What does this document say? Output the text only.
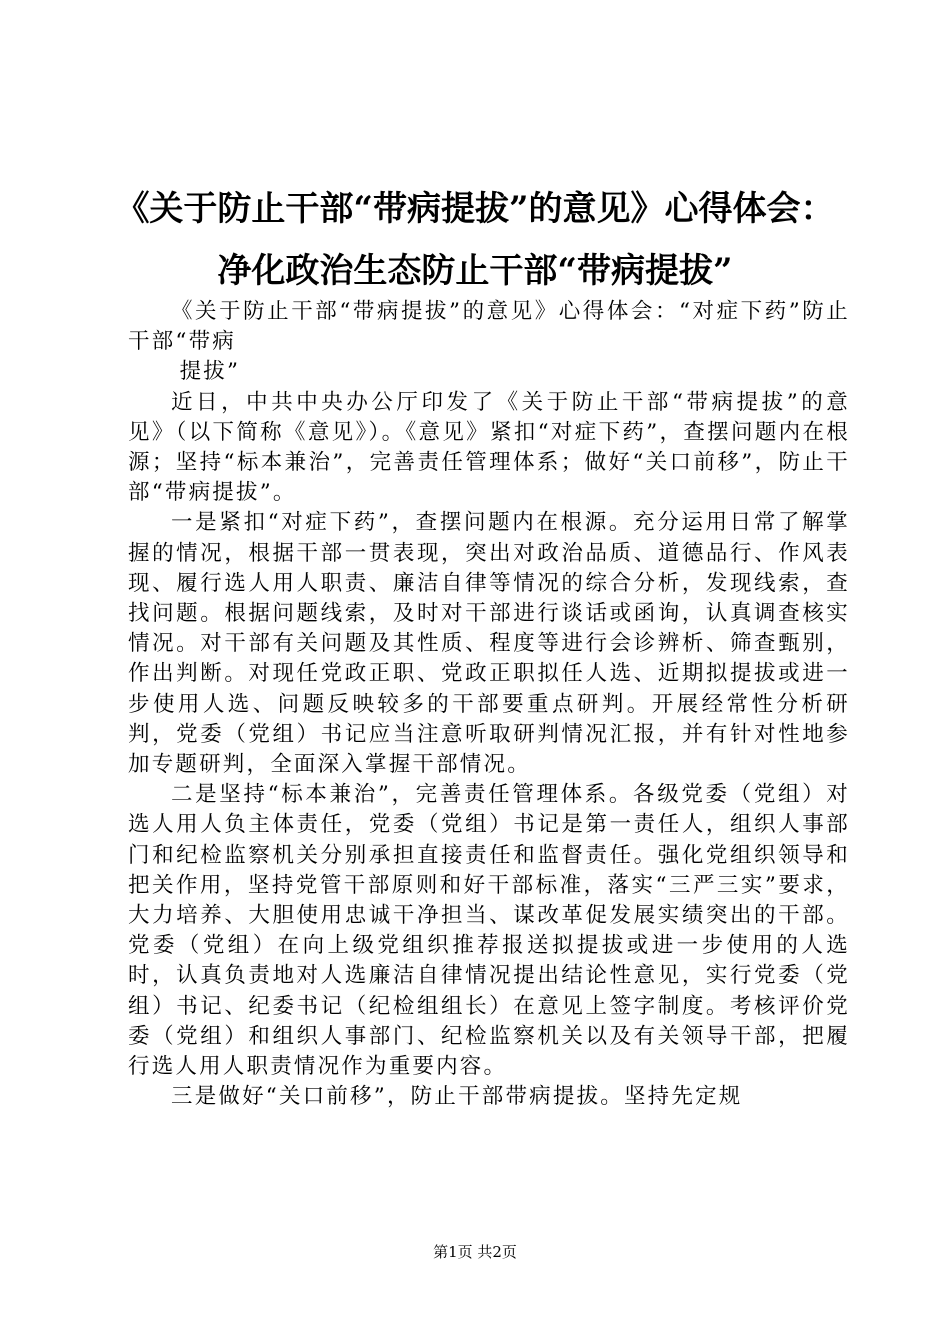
《关于防止干部“带病提拔”的意见》心得体会：净化政治生态防止干部“带病提拔”

《关于防止干部“带病提拔”的意见》心得体会：“对症下药”防止干部“带病

提拔”

近日，中共中央办公厅印发了《关于防止干部“带病提拔”的意见》（以下简称《意见》）。《意见》紧扣“对症下药”，查摆问题内在根源；坚持“标本兼治”，完善责任管理体系；做好“关口前移”，防止干部“带病提拔”。

一是紧扣“对症下药”，查摆问题内在根源。充分运用日常了解掌握的情况，根据干部一贯表现，突出对政治品质、道德品行、作风表现、履行选人用人职责、廉洁自律等情况的综合分析，发现线索，查找问题。根据问题线索，及时对干部进行谈话或函询，认真调查核实情况。对干部有关问题及其性质、程度等进行会诊辨析、筛查甄别，作出判断。对现任党政正职、党政正职拟任人选、近期拟提拔或进一步使用人选、问题反映较多的干部要重点研判。开展经常性分析研判，党委（党组）书记应当注意听取研判情况汇报，并有针对性地参加专题研判，全面深入掌握干部情况。

二是坚持“标本兼治”，完善责任管理体系。各级党委（党组）对选人用人负主体责任，党委（党组）书记是第一责任人，组织人事部门和纪检监察机关分别承担直接责任和监督责任。强化党组织领导和把关作用，坚持党管干部原则和好干部标准，落实“三严三实”要求，大力培养、大胆使用忠诚干净担当、谋改革促发展实绩突出的干部。党委（党组）在向上级党组织推荐报送拟提拔或进一步使用的人选时，认真负责地对人选廉洁自律情况提出结论性意见，实行党委（党组）书记、纪委书记（纪检组组长）在意见上签字制度。考核评价党委（党组）和组织人事部门、纪检监察机关以及有关领导干部，把履行选人用人职责情况作为重要内容。

三是做好“关口前移”，防止干部带病提拔。坚持先定规

第1页 共2页
